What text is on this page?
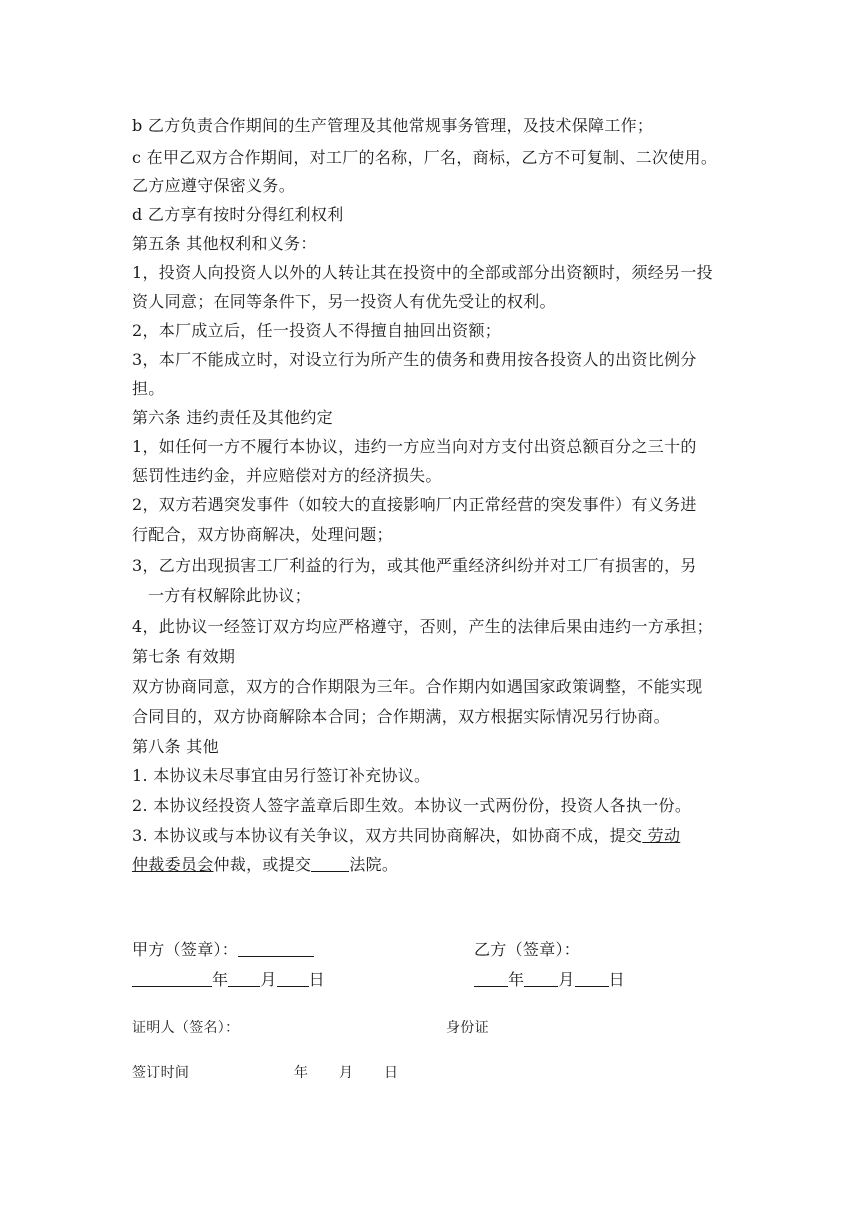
b 乙方负责合作期间的生产管理及其他常规事务管理，及技术保障工作；
c 在甲乙双方合作期间，对工厂的名称，厂名，商标，乙方不可复制、二次使用。
乙方应遵守保密义务。
d 乙方享有按时分得红利权利
第五条 其他权利和义务：
1，投资人向投资人以外的人转让其在投资中的全部或部分出资额时，须经另一投
资人同意；在同等条件下，另一投资人有优先受让的权利。
2，本厂成立后，任一投资人不得擅自抽回出资额；
3，本厂不能成立时，对设立行为所产生的债务和费用按各投资人的出资比例分
担。
第六条 违约责任及其他约定
1，如任何一方不履行本协议，违约一方应当向对方支付出资总额百分之三十的
惩罚性违约金，并应赔偿对方的经济损失。
2，双方若遇突发事件（如较大的直接影响厂内正常经营的突发事件）有义务进
行配合，双方协商解决，处理问题；
3，乙方出现损害工厂利益的行为，或其他严重经济纠纷并对工厂有损害的，另
一方有权解除此协议；
4，此协议一经签订双方均应严格遵守，否则，产生的法律后果由违约一方承担；
第七条 有效期
双方协商同意，双方的合作期限为三年。合作期内如遇国家政策调整，不能实现
合同目的，双方协商解除本合同；合作期满，双方根据实际情况另行协商。
第八条 其他
1. 本协议未尽事宜由另行签订补充协议。
2. 本协议经投资人签字盖章后即生效。本协议一式两份份，投资人各执一份。
3. 本协议或与本协议有关争议，双方共同协商解决，如协商不成，提交 劳动
仲裁委员会仲裁，或提交 法院。
甲方（签章）：	乙方（签章）：
年 月 日	年 月 日
证明人（签名）：	身份证
签订时间	年	月	日
